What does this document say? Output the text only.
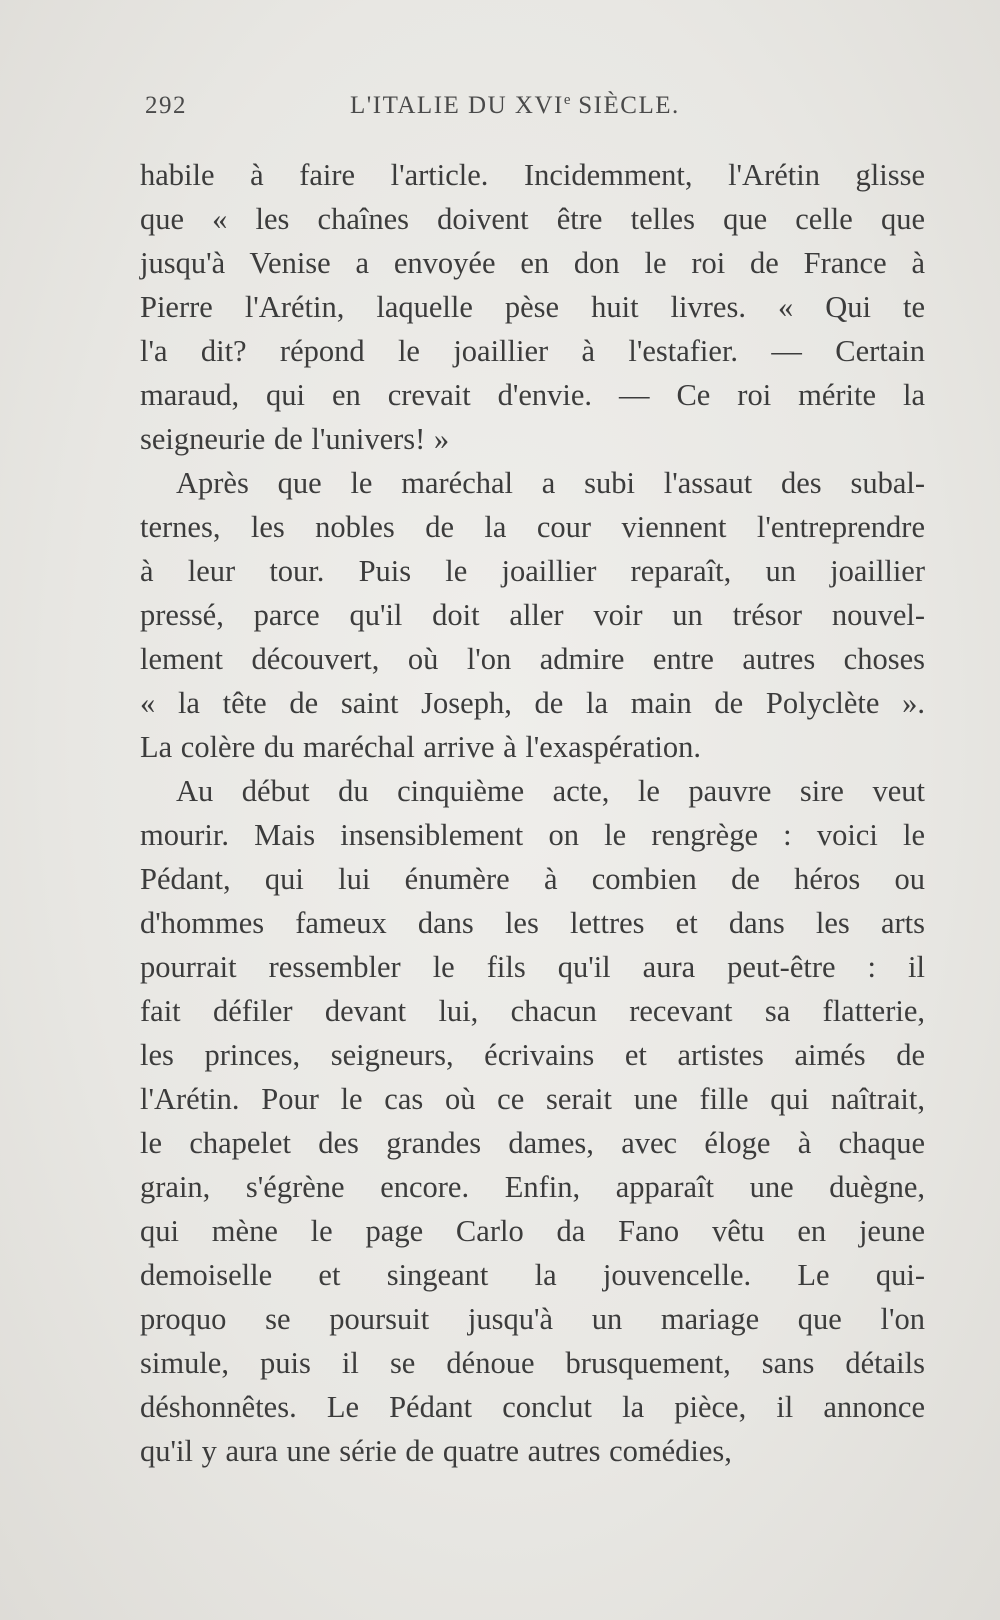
292	L'ITALIE DU XVIe SIÈCLE.
habile à faire l'article. Incidemment, l'Arétin glisse
que « les chaînes doivent être telles que celle que
jusqu'à Venise a envoyée en don le roi de France à
Pierre l'Arétin, laquelle pèse huit livres. « Qui te
l'a dit? répond le joaillier à l'estafier. — Certain
maraud, qui en crevait d'envie. — Ce roi mérite la
seigneurie de l'univers! »
Après que le maréchal a subi l'assaut des subal-
ternes, les nobles de la cour viennent l'entreprendre
à leur tour. Puis le joaillier reparaît, un joaillier
pressé, parce qu'il doit aller voir un trésor nouvel-
lement découvert, où l'on admire entre autres choses
« la tête de saint Joseph, de la main de Polyclète ».
La colère du maréchal arrive à l'exaspération.
Au début du cinquième acte, le pauvre sire veut
mourir. Mais insensiblement on le rengrège : voici le
Pédant, qui lui énumère à combien de héros ou
d'hommes fameux dans les lettres et dans les arts
pourrait ressembler le fils qu'il aura peut-être : il
fait défiler devant lui, chacun recevant sa flatterie,
les princes, seigneurs, écrivains et artistes aimés de
l'Arétin. Pour le cas où ce serait une fille qui naîtrait,
le chapelet des grandes dames, avec éloge à chaque
grain, s'égrène encore. Enfin, apparaît une duègne,
qui mène le page Carlo da Fano vêtu en jeune
demoiselle et singeant la jouvencelle. Le qui-
proquo se poursuit jusqu'à un mariage que l'on
simule, puis il se dénoue brusquement, sans détails
déshonnêtes. Le Pédant conclut la pièce, il annonce
qu'il y aura une série de quatre autres comédies,
